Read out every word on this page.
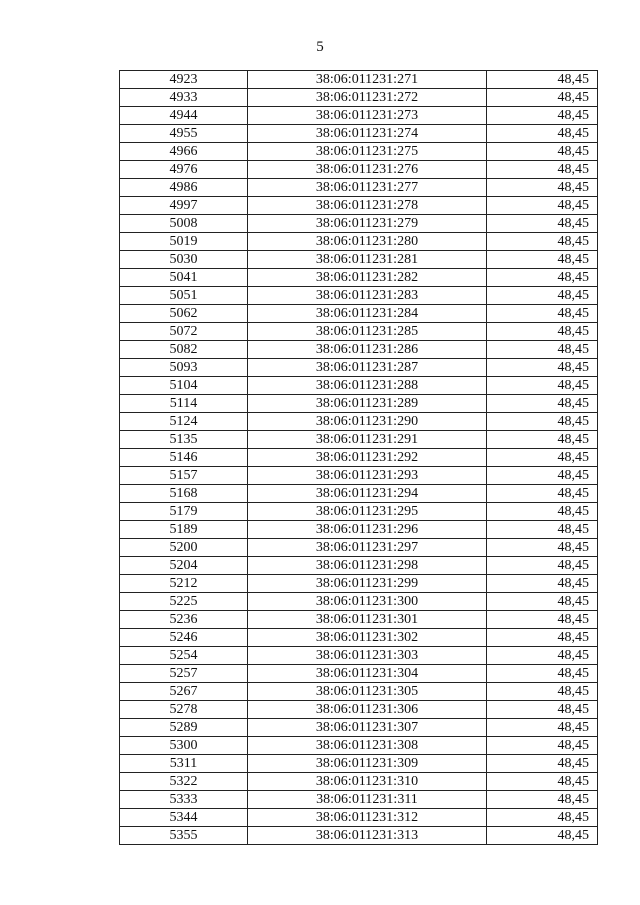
5
4923	38:06:011231:271	48,45
4933	38:06:011231:272	48,45
4944	38:06:011231:273	48,45
4955	38:06:011231:274	48,45
4966	38:06:011231:275	48,45
4976	38:06:011231:276	48,45
4986	38:06:011231:277	48,45
4997	38:06:011231:278	48,45
5008	38:06:011231:279	48,45
5019	38:06:011231:280	48,45
5030	38:06:011231:281	48,45
5041	38:06:011231:282	48,45
5051	38:06:011231:283	48,45
5062	38:06:011231:284	48,45
5072	38:06:011231:285	48,45
5082	38:06:011231:286	48,45
5093	38:06:011231:287	48,45
5104	38:06:011231:288	48,45
5114	38:06:011231:289	48,45
5124	38:06:011231:290	48,45
5135	38:06:011231:291	48,45
5146	38:06:011231:292	48,45
5157	38:06:011231:293	48,45
5168	38:06:011231:294	48,45
5179	38:06:011231:295	48,45
5189	38:06:011231:296	48,45
5200	38:06:011231:297	48,45
5204	38:06:011231:298	48,45
5212	38:06:011231:299	48,45
5225	38:06:011231:300	48,45
5236	38:06:011231:301	48,45
5246	38:06:011231:302	48,45
5254	38:06:011231:303	48,45
5257	38:06:011231:304	48,45
5267	38:06:011231:305	48,45
5278	38:06:011231:306	48,45
5289	38:06:011231:307	48,45
5300	38:06:011231:308	48,45
5311	38:06:011231:309	48,45
5322	38:06:011231:310	48,45
5333	38:06:011231:311	48,45
5344	38:06:011231:312	48,45
5355	38:06:011231:313	48,45
